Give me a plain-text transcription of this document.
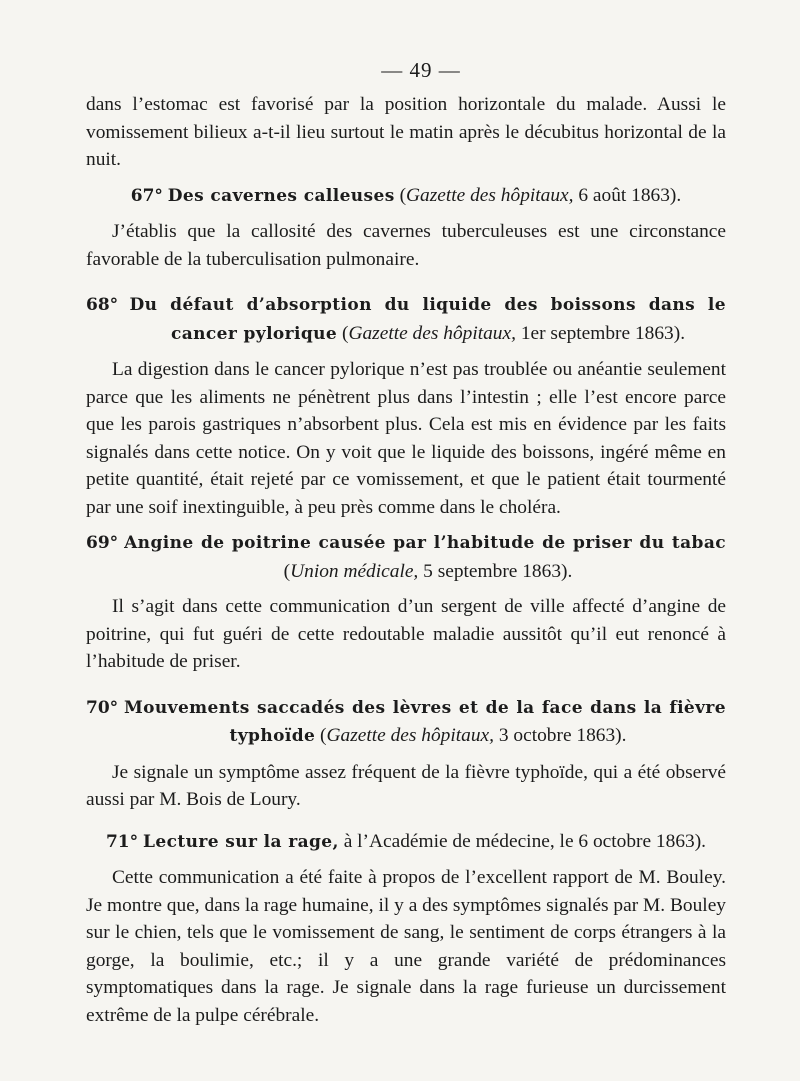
— 49 —

dans l’estomac est favorisé par la position horizontale du malade. Aussi le vomissement bilieux a-t-il lieu surtout le matin après le décubitus horizontal de la nuit.

67° Des cavernes calleuses (Gazette des hôpitaux, 6 août 1863).

J’établis que la callosité des cavernes tuberculeuses est une circonstance favorable de la tuberculisation pulmonaire.

68° Du défaut d’absorption du liquide des boissons dans le cancer pylorique (Gazette des hôpitaux, 1er septembre 1863).

La digestion dans le cancer pylorique n’est pas troublée ou anéantie seulement parce que les aliments ne pénètrent plus dans l’intestin ; elle l’est encore parce que les parois gastriques n’absorbent plus. Cela est mis en évidence par les faits signalés dans cette notice. On y voit que le liquide des boissons, ingéré même en petite quantité, était rejeté par ce vomissement, et que le patient était tourmenté par une soif inextinguible, à peu près comme dans le choléra.

69° Angine de poitrine causée par l’habitude de priser du tabac (Union médicale, 5 septembre 1863).

Il s’agit dans cette communication d’un sergent de ville affecté d’angine de poitrine, qui fut guéri de cette redoutable maladie aussitôt qu’il eut renoncé à l’habitude de priser.

70° Mouvements saccadés des lèvres et de la face dans la fièvre typhoïde (Gazette des hôpitaux, 3 octobre 1863).

Je signale un symptôme assez fréquent de la fièvre typhoïde, qui a été observé aussi par M. Bois de Loury.

71° Lecture sur la rage, à l’Académie de médecine, le 6 octobre 1863).

Cette communication a été faite à propos de l’excellent rapport de M. Bouley. Je montre que, dans la rage humaine, il y a des symptômes signalés par M. Bouley sur le chien, tels que le vomissement de sang, le sentiment de corps étrangers à la gorge, la boulimie, etc.; il y a une grande variété de prédominances symptomatiques dans la rage. Je signale dans la rage furieuse un durcissement extrême de la pulpe cérébrale.
